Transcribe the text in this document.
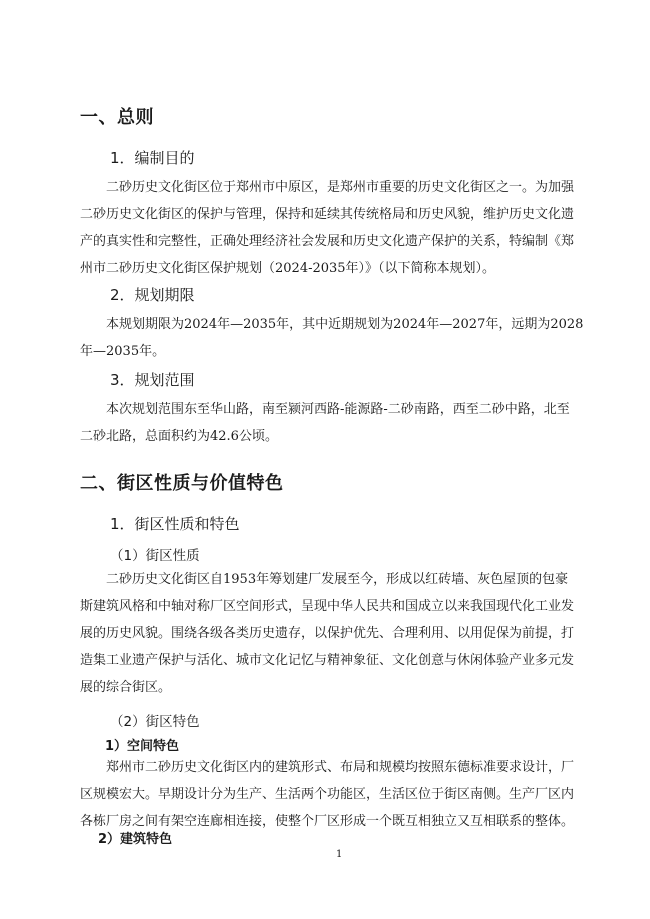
一、总则
1．编制目的
　　二砂历史文化街区位于郑州市中原区，是郑州市重要的历史文化街区之一。为加强
二砂历史文化街区的保护与管理，保持和延续其传统格局和历史风貌，维护历史文化遗
产的真实性和完整性，正确处理经济社会发展和历史文化遗产保护的关系，特编制《郑
州市二砂历史文化街区保护规划（2024-2035年）》（以下简称本规划）。
2．规划期限
　　本规划期限为2024年—2035年，其中近期规划为2024年—2027年，远期为2028
年—2035年。
3．规划范围
　　本次规划范围东至华山路，南至颍河西路-能源路-二砂南路，西至二砂中路，北至
二砂北路，总面积约为42.6公顷。
二、街区性质与价值特色
1．街区性质和特色
（1）街区性质
　　二砂历史文化街区自1953年筹划建厂发展至今，形成以红砖墙、灰色屋顶的包豪
斯建筑风格和中轴对称厂区空间形式，呈现中华人民共和国成立以来我国现代化工业发
展的历史风貌。围绕各级各类历史遗存，以保护优先、合理利用、以用促保为前提，打
造集工业遗产保护与活化、城市文化记忆与精神象征、文化创意与休闲体验产业多元发
展的综合街区。
（2）街区特色
1）空间特色
　　郑州市二砂历史文化街区内的建筑形式、布局和规模均按照东德标准要求设计，厂
区规模宏大。早期设计分为生产、生活两个功能区，生活区位于街区南侧。生产厂区内
各栋厂房之间有架空连廊相连接，使整个厂区形成一个既互相独立又互相联系的整体。
2）建筑特色
1
